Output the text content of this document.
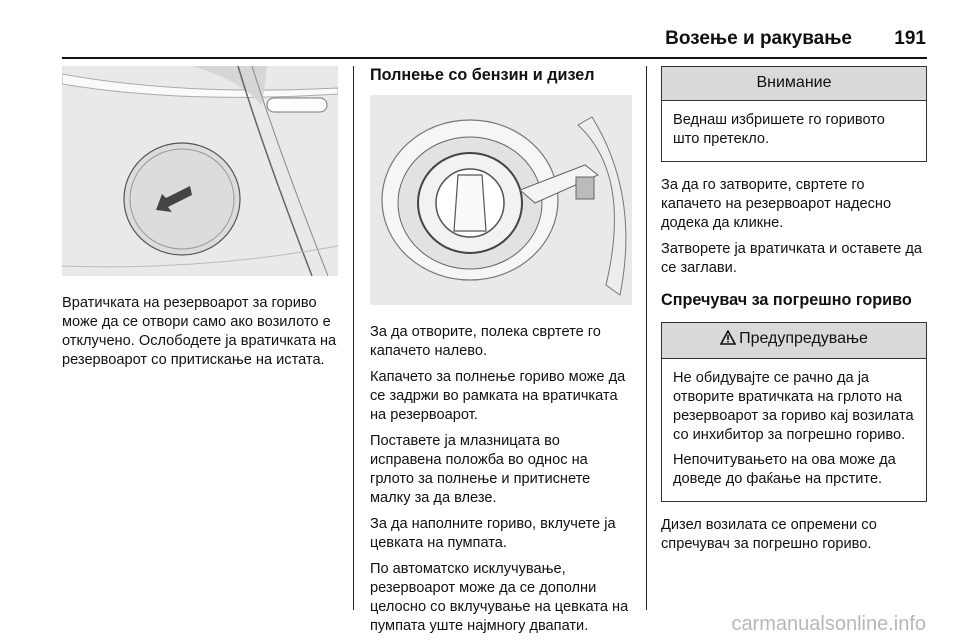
Возење и ракување 191

Вратичката на резервоарот за гориво може да се отвори само ако возилото е отклучено. Ослободете ја вратичката на резервоарот со притискање на истата.

Полнење со бензин и дизел

За да отворите, полека свртете го капачето налево.

Капачето за полнење гориво може да се задржи во рамката на вратичката на резервоарот.

Поставете ја млазницата во исправена положба во однос на грлото за полнење и притиснете малку за да влезе.

За да наполните гориво, вклучете ја цевката на пумпата.

По автоматско исклучување, резервоарот може да се дополни целосно со вклучување на цевката на пумпата уште најмногу двапати.

Внимание

Веднаш избришете го горивото што претекло.

За да го затворите, свртете го капачето на резервоарот надесно додека да кликне.

Затворете ја вратичката и оставете да се заглави.

Спречувач за погрешно гориво
Предупредување

Не обидувајте се рачно да ја отворите вратичката на грлото на резервоарот за гориво кај возилата со инхибитор за погрешно гориво.

Непочитувањето на ова може да доведе до фаќање на прстите.

Дизел возилата се опремени со спречувач за погрешно гориво.

carmanualsonline.info
